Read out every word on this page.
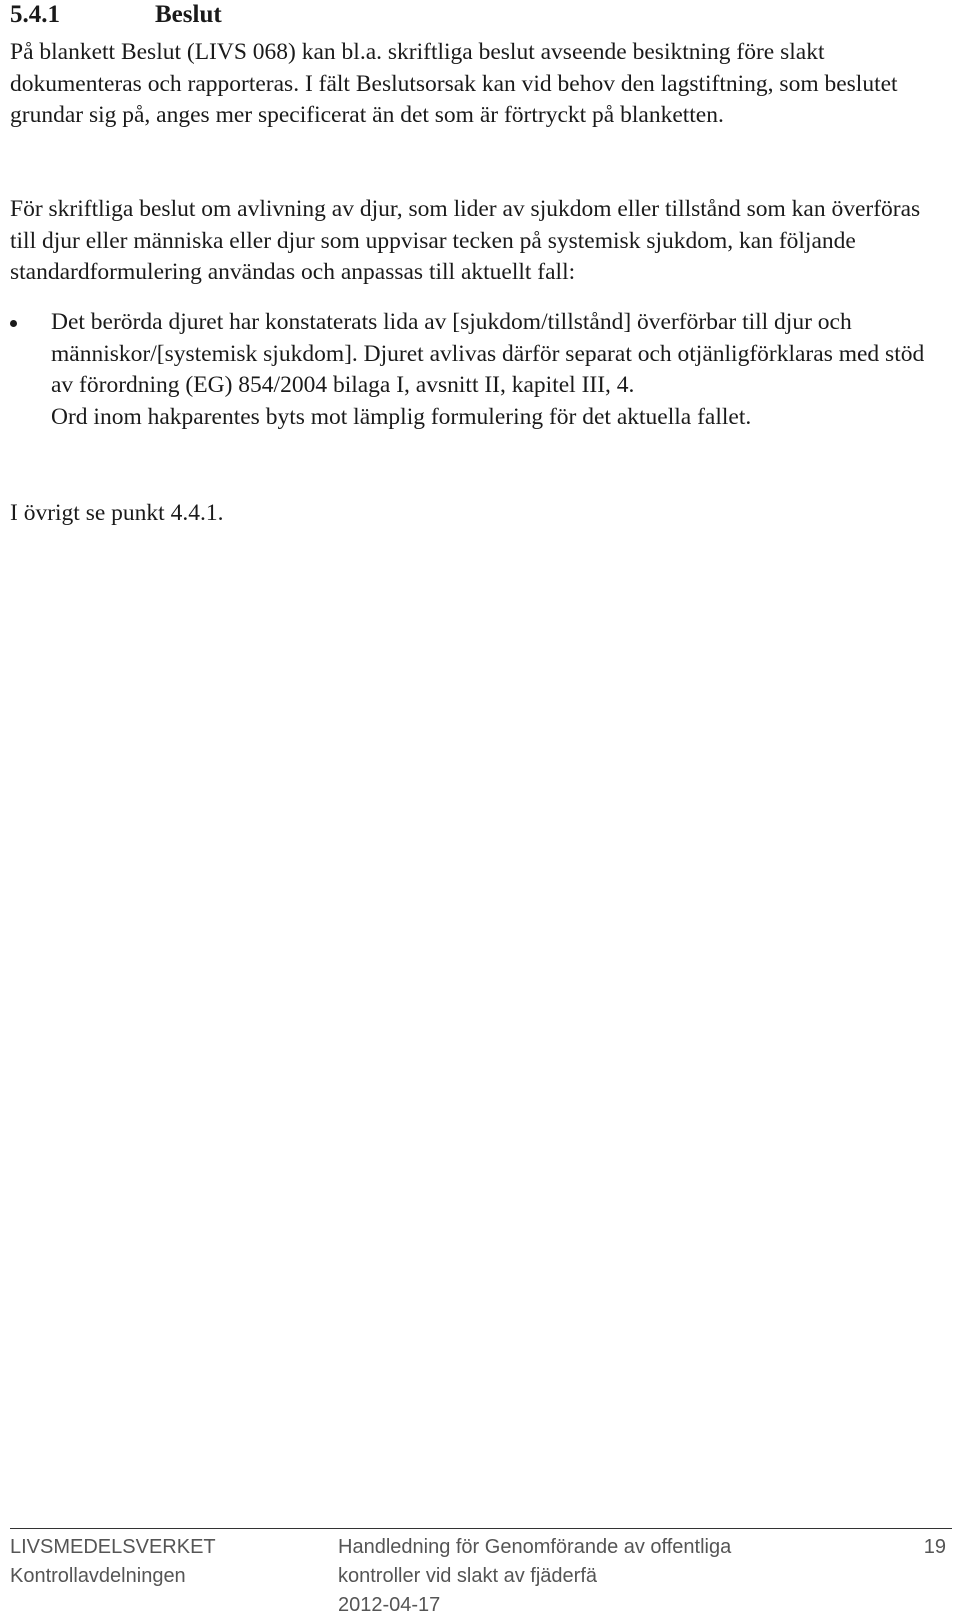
5.4.1	Beslut
På blankett Beslut (LIVS 068) kan bl.a. skriftliga beslut avseende besiktning före slakt dokumenteras och rapporteras. I fält Beslutsorsak kan vid behov den lagstiftning, som beslutet grundar sig på, anges mer specificerat än det som är förtryckt på blanketten.
För skriftliga beslut om avlivning av djur, som lider av sjukdom eller tillstånd som kan överföras till djur eller människa eller djur som uppvisar tecken på systemisk sjukdom, kan följande standardformulering användas och anpassas till aktuellt fall:
Det berörda djuret har konstaterats lida av [sjukdom/tillstånd] överförbar till djur och människor/[systemisk sjukdom]. Djuret avlivas därför separat och otjänligförklaras med stöd av förordning (EG) 854/2004 bilaga I, avsnitt II, kapitel III, 4.
Ord inom hakparentes byts mot lämplig formulering för det aktuella fallet.
I övrigt se punkt 4.4.1.
LIVSMEDELSVERKET
Kontrollavdelningen
Handledning för Genomförande av offentliga
kontroller vid slakt av fjäderfä
2012-04-17
19
